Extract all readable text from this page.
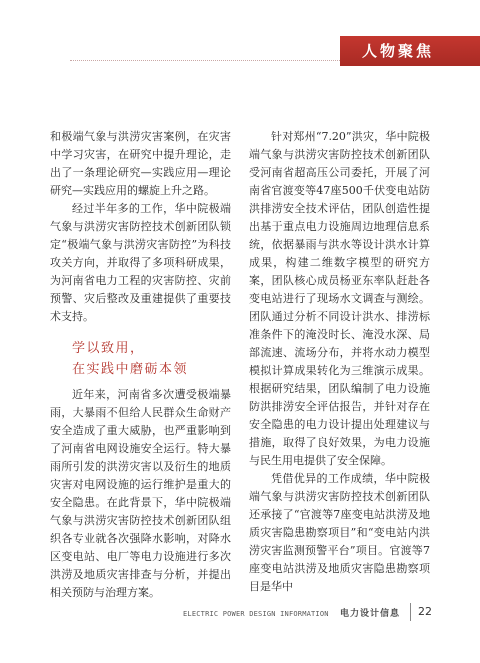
人物聚焦

和极端气象与洪涝灾害案例，在灾害中学习灾害，在研究中提升理论，走出了一条理论研究—实践应用—理论研究—实践应用的螺旋上升之路。

经过半年多的工作，华中院极端气象与洪涝灾害防控技术创新团队锁定“极端气象与洪涝灾害防控”为科技攻关方向，并取得了多项科研成果，为河南省电力工程的灾害防控、灾前预警、灾后整改及重建提供了重要技术支持。

学以致用，
在实践中磨砺本领

近年来，河南省多次遭受极端暴雨，大暴雨不但给人民群众生命财产安全造成了重大威胁，也严重影响到了河南省电网设施安全运行。特大暴雨所引发的洪涝灾害以及衍生的地质灾害对电网设施的运行维护是重大的安全隐患。在此背景下，华中院极端气象与洪涝灾害防控技术创新团队组织各专业就各次强降水影响，对降水区变电站、电厂等电力设施进行多次洪涝及地质灾害排查与分析，并提出相关预防与治理方案。

针对郑州“7.20”洪灾，华中院极端气象与洪涝灾害防控技术创新团队受河南省超高压公司委托，开展了河南省官渡变等47座500千伏变电站防洪排涝安全技术评估，团队创造性提出基于重点电力设施周边地理信息系统，依据暴雨与洪水等设计洪水计算成果，构建二维数字模型的研究方案，团队核心成员杨亚东率队赶赴各变电站进行了现场水文调查与测绘。团队通过分析不同设计洪水、排涝标准条件下的淹没时长、淹没水深、局部流速、流场分布，并将水动力模型模拟计算成果转化为三维演示成果。根据研究结果，团队编制了电力设施防洪排涝安全评估报告，并针对存在安全隐患的电力设计提出处理建议与措施，取得了良好效果，为电力设施与民生用电提供了安全保障。

凭借优异的工作成绩，华中院极端气象与洪涝灾害防控技术创新团队还承接了“官渡等7座变电站洪涝及地质灾害隐患勘察项目”和“变电站内洪涝灾害监测预警平台”项目。官渡等7座变电站洪涝及地质灾害隐患勘察项目是华中

ELECTRIC POWER DESIGN INFORMATION 电力设计信息 22
